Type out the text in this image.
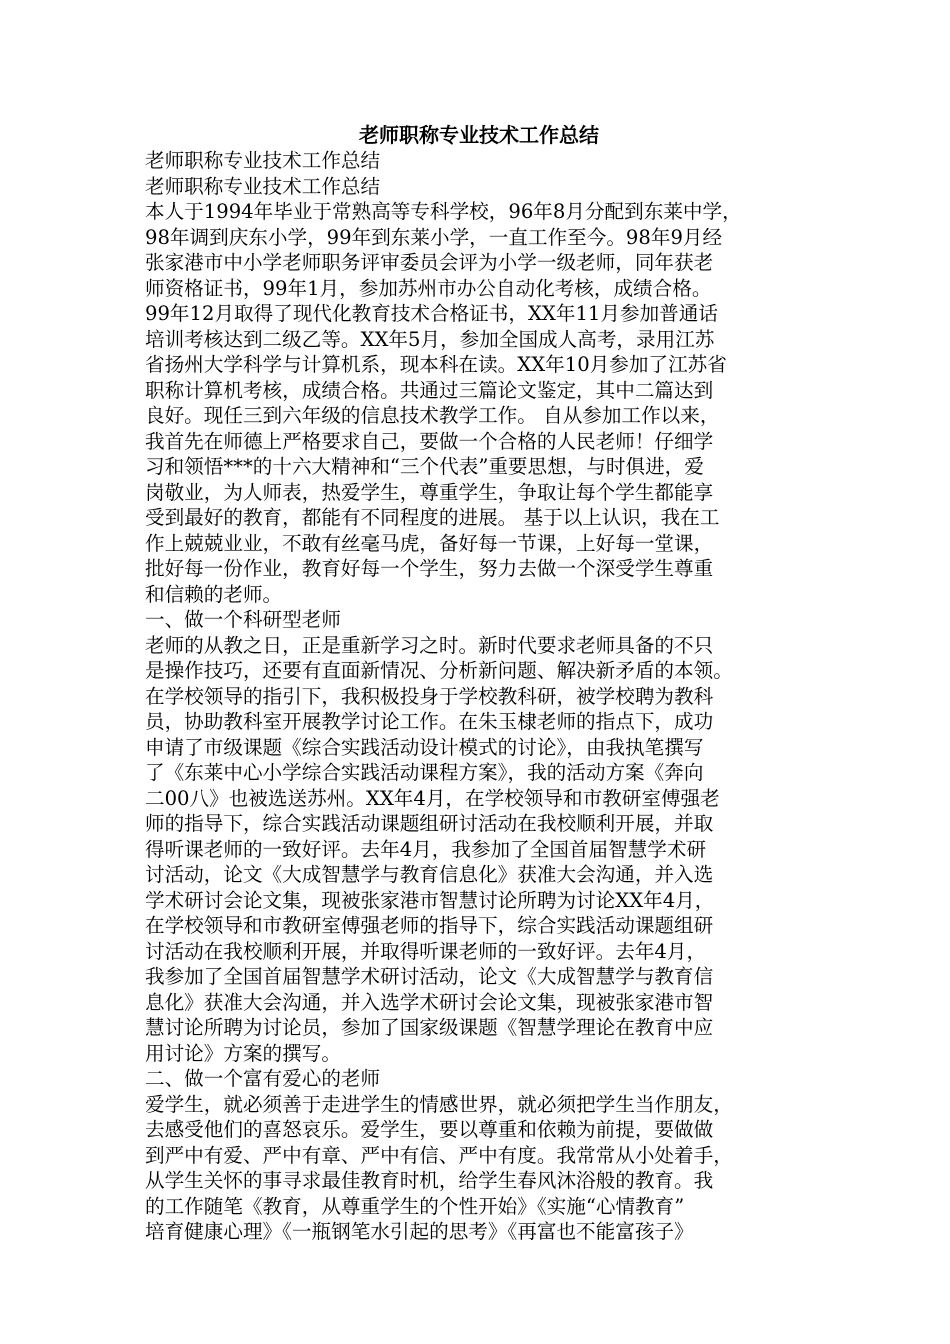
老师职称专业技术工作总结
老师职称专业技术工作总结
老师职称专业技术工作总结
本人于1994年毕业于常熟高等专科学校，96年8月分配到东莱中学，
98年调到庆东小学，99年到东莱小学，一直工作至今。98年9月经
张家港市中小学老师职务评审委员会评为小学一级老师，同年获老
师资格证书，99年1月，参加苏州市办公自动化考核，成绩合格。
99年12月取得了现代化教育技术合格证书，XX年11月参加普通话
培训考核达到二级乙等。XX年5月，参加全国成人高考，录用江苏
省扬州大学科学与计算机系，现本科在读。XX年10月参加了江苏省
职称计算机考核，成绩合格。共通过三篇论文鉴定，其中二篇达到
良好。现任三到六年级的信息技术教学工作。 自从参加工作以来，
我首先在师德上严格要求自己，要做一个合格的人民老师！仔细学
习和领悟***的十六大精神和“三个代表”重要思想，与时俱进，爱
岗敬业，为人师表，热爱学生，尊重学生，争取让每个学生都能享
受到最好的教育，都能有不同程度的进展。 基于以上认识，我在工
作上兢兢业业，不敢有丝毫马虎，备好每一节课，上好每一堂课，
批好每一份作业，教育好每一个学生，努力去做一个深受学生尊重
和信赖的老师。
一、做一个科研型老师
老师的从教之日，正是重新学习之时。新时代要求老师具备的不只
是操作技巧，还要有直面新情况、分析新问题、解决新矛盾的本领。
在学校领导的指引下，我积极投身于学校教科研，被学校聘为教科
员，协助教科室开展教学讨论工作。在朱玉棣老师的指点下，成功
申请了市级课题《综合实践活动设计模式的讨论》，由我执笔撰写
了《东莱中心小学综合实践活动课程方案》，我的活动方案《奔向
二00八》也被选送苏州。XX年4月，在学校领导和市教研室傅强老
师的指导下，综合实践活动课题组研讨活动在我校顺利开展，并取
得听课老师的一致好评。去年4月，我参加了全国首届智慧学术研
讨活动，论文《大成智慧学与教育信息化》获准大会沟通，并入选
学术研讨会论文集，现被张家港市智慧讨论所聘为讨论XX年4月，
在学校领导和市教研室傅强老师的指导下，综合实践活动课题组研
讨活动在我校顺利开展，并取得听课老师的一致好评。去年4月，
我参加了全国首届智慧学术研讨活动，论文《大成智慧学与教育信
息化》获准大会沟通，并入选学术研讨会论文集，现被张家港市智
慧讨论所聘为讨论员，参加了国家级课题《智慧学理论在教育中应
用讨论》方案的撰写。
二、做一个富有爱心的老师
爱学生，就必须善于走进学生的情感世界，就必须把学生当作朋友，
去感受他们的喜怒哀乐。爱学生，要以尊重和依赖为前提，要做做
到严中有爱、严中有章、严中有信、严中有度。我常常从小处着手，
从学生关怀的事寻求最佳教育时机，给学生春风沐浴般的教育。我
的工作随笔《教育，从尊重学生的个性开始》《实施“心情教育”
培育健康心理》《一瓶钢笔水引起的思考》《再富也不能富孩子》
